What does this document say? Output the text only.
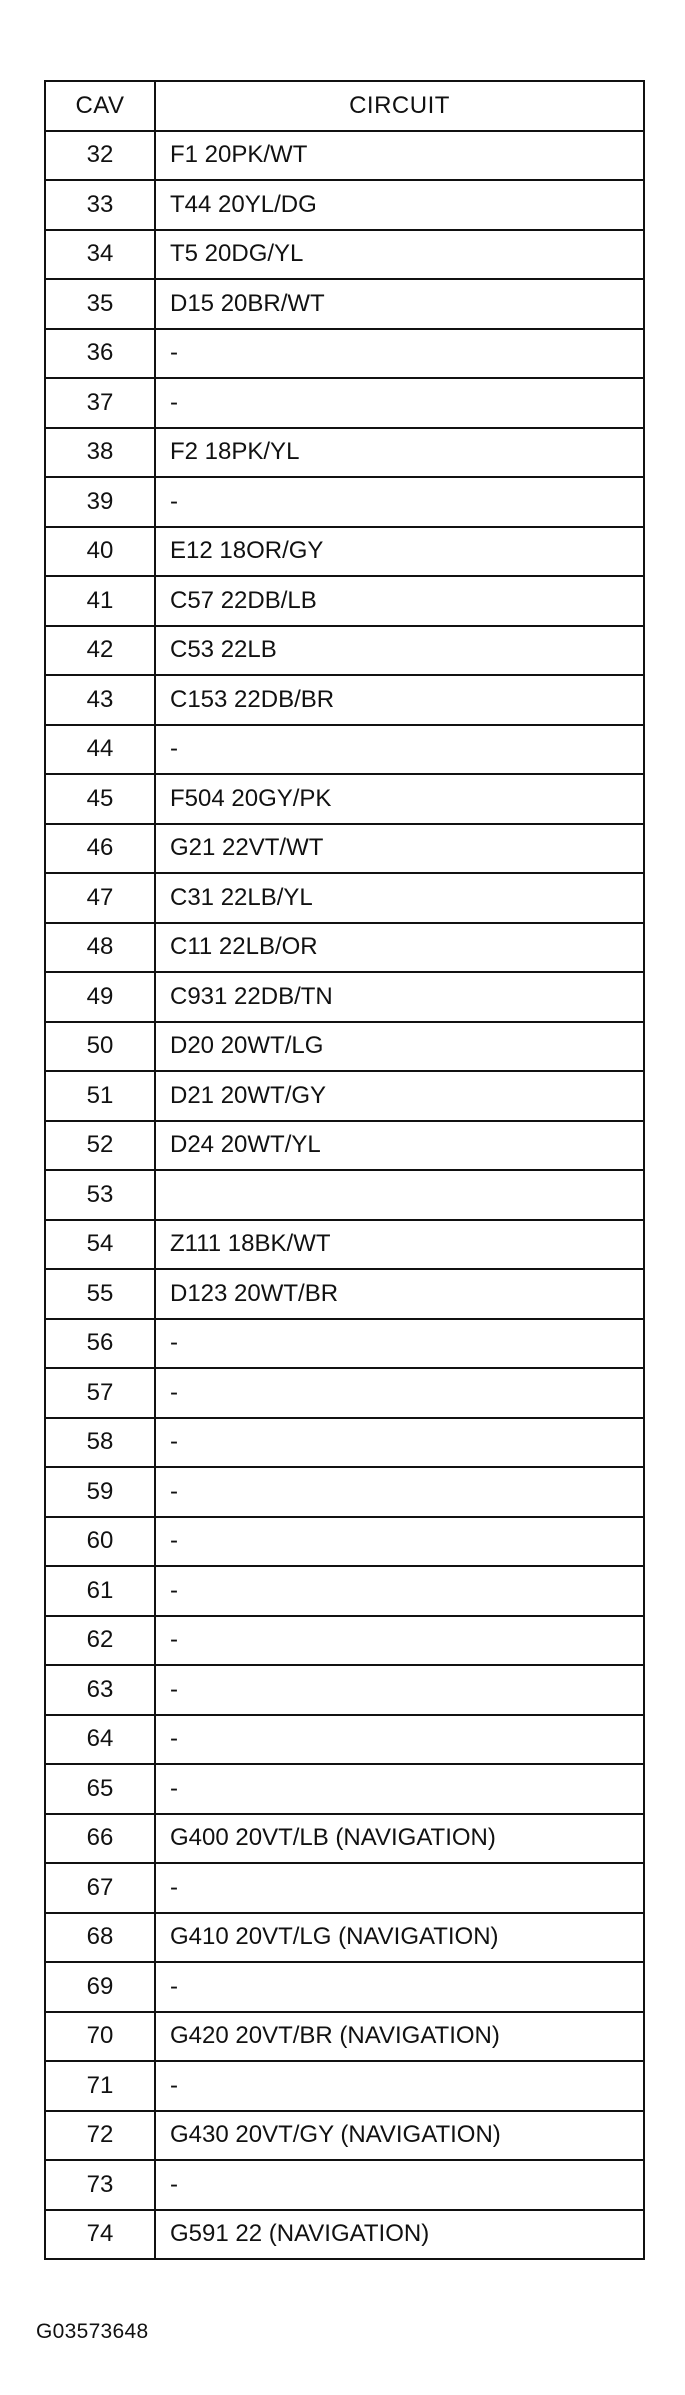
CAV	CIRCUIT
32	F1 20PK/WT
33	T44 20YL/DG
34	T5 20DG/YL
35	D15 20BR/WT
36	-
37	-
38	F2 18PK/YL
39	-
40	E12 18OR/GY
41	C57 22DB/LB
42	C53 22LB
43	C153 22DB/BR
44	-
45	F504 20GY/PK
46	G21 22VT/WT
47	C31 22LB/YL
48	C11 22LB/OR
49	C931 22DB/TN
50	D20 20WT/LG
51	D21 20WT/GY
52	D24 20WT/YL
53	
54	Z111 18BK/WT
55	D123 20WT/BR
56	-
57	-
58	-
59	-
60	-
61	-
62	-
63	-
64	-
65	-
66	G400 20VT/LB (NAVIGATION)
67	-
68	G410 20VT/LG (NAVIGATION)
69	-
70	G420 20VT/BR (NAVIGATION)
71	-
72	G430 20VT/GY (NAVIGATION)
73	-
74	G591 22 (NAVIGATION)
G03573648
